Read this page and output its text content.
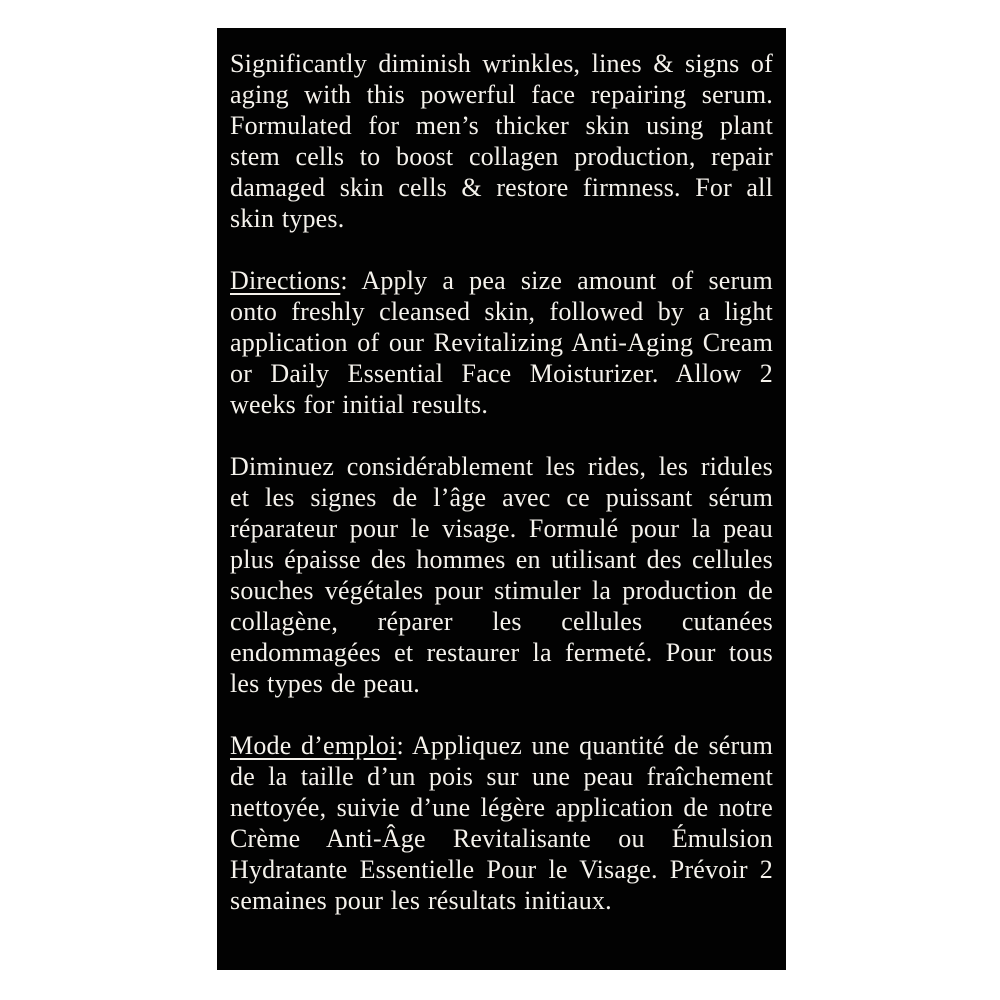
Significantly diminish wrinkles, lines & signs of aging with this powerful face repairing serum. Formulated for men’s thicker skin using plant stem cells to boost collagen production, repair damaged skin cells & restore firmness. For all skin types.

Directions: Apply a pea size amount of serum onto freshly cleansed skin, followed by a light application of our Revitalizing Anti-Aging Cream or Daily Essential Face Moisturizer. Allow 2 weeks for initial results.

Diminuez considérablement les rides, les ridules et les signes de l’âge avec ce puissant sérum réparateur pour le visage. Formulé pour la peau plus épaisse des hommes en utilisant des cellules souches végétales pour stimuler la production de collagène, réparer les cellules cutanées endommagées et restaurer la fermeté. Pour tous les types de peau.

Mode d’emploi: Appliquez une quantité de sérum de la taille d’un pois sur une peau fraîchement nettoyée, suivie d’une légère application de notre Crème Anti-Âge Revitalisante ou Émulsion Hydratante Essentielle Pour le Visage. Prévoir 2 semaines pour les résultats initiaux.
